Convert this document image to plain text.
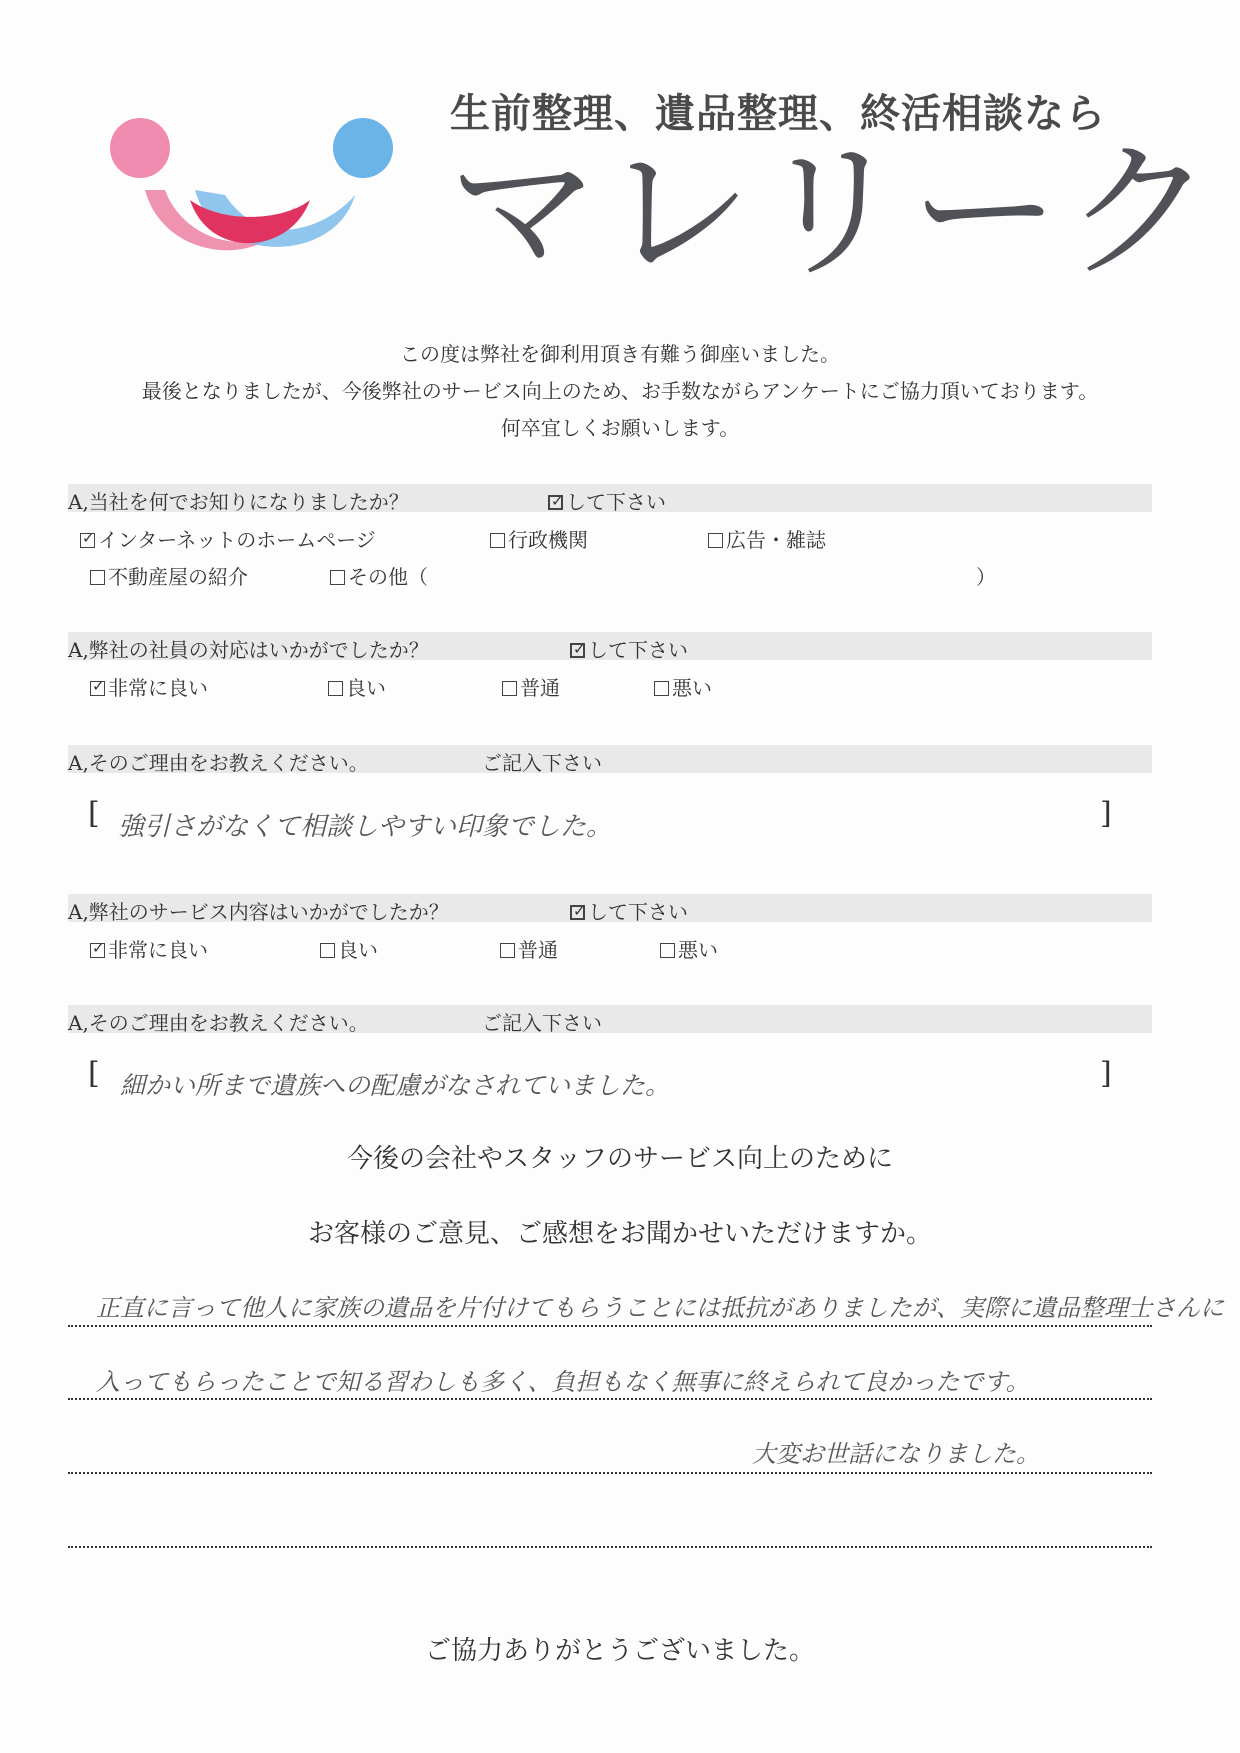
生前整理、遺品整理、終活相談なら
マレリーク
この度は弊社を御利用頂き有難う御座いました。
最後となりましたが、今後弊社のサービス向上のため、お手数ながらアンケートにご協力頂いております。
何卒宜しくお願いします。
A,当社を何でお知りになりましたか？ ✓	して下さい
✓インターネットのホームページ	行政機関	広告・雑誌
不動産屋の紹介	その他（	）
A,弊社の社員の対応はいかがでしたか？ ✓	して下さい
✓非常に良い	良い	普通	悪い
A,そのご理由をお教えください。	ご記入下さい
[ 強引さがなくて相談しやすい印象でした。	]
A,弊社のサービス内容はいかがでしたか？ ✓	して下さい
✓非常に良い	良い	普通	悪い
A,そのご理由をお教えください。	ご記入下さい
[ 細かい所まで遺族への配慮がなされていました。	]
今後の会社やスタッフのサービス向上のために
お客様のご意見、ご感想をお聞かせいただけますか。
正直に言って他人に家族の遺品を片付けてもらうことには抵抗がありましたが、実際に遺品整理士さんに
入ってもらったことで知る習わしも多く、負担もなく無事に終えられて良かったです。
大変お世話になりました。
ご協力ありがとうございました。
